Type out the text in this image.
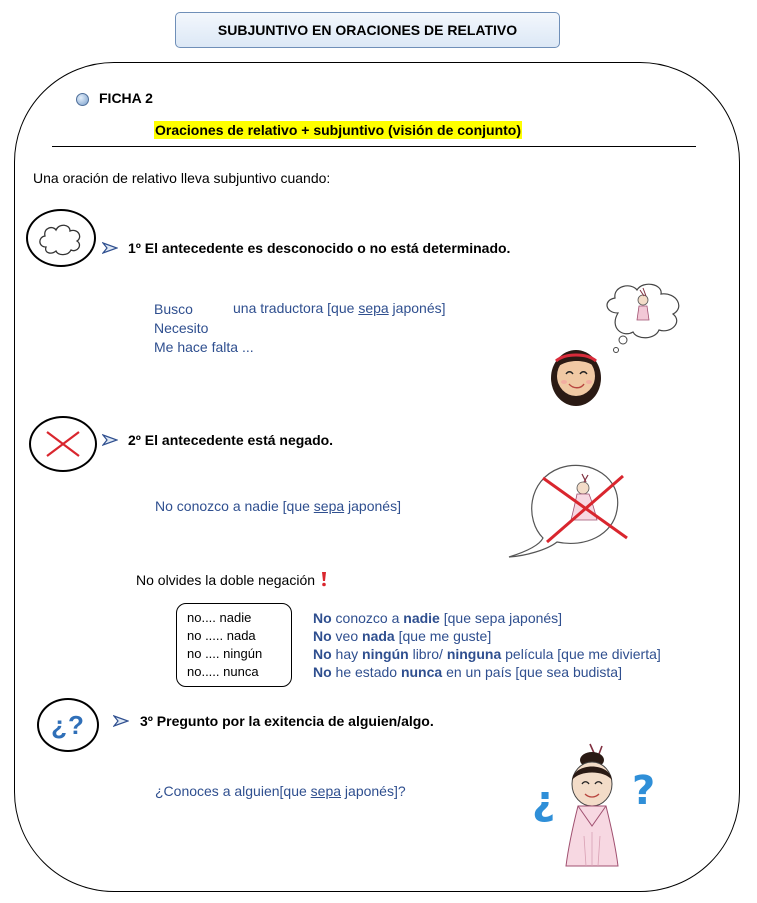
SUBJUNTIVO EN ORACIONES DE RELATIVO
FICHA 2
Oraciones de relativo + subjuntivo (visión de conjunto)
Una oración de relativo lleva subjuntivo cuando:
1º El antecedente es desconocido o no está determinado.
Busco
Necesito
Me hace falta ...
una traductora [que sepa japonés]
2º El antecedente está negado.
No conozco a nadie [que sepa japonés]
No olvides la doble negación
no.... nadie
no ..... nada
no .... ningún
no..... nunca
No conozco a nadie [que sepa japonés]
No veo nada [que me guste]
No hay ningún libro/ ninguna película [que me divierta]
No he estado nunca en un país [que sea budista]
¿?	3º Pregunto por la exitencia de alguien/algo.
¿Conoces a alguien[que sepa japonés]?	¿ ?
